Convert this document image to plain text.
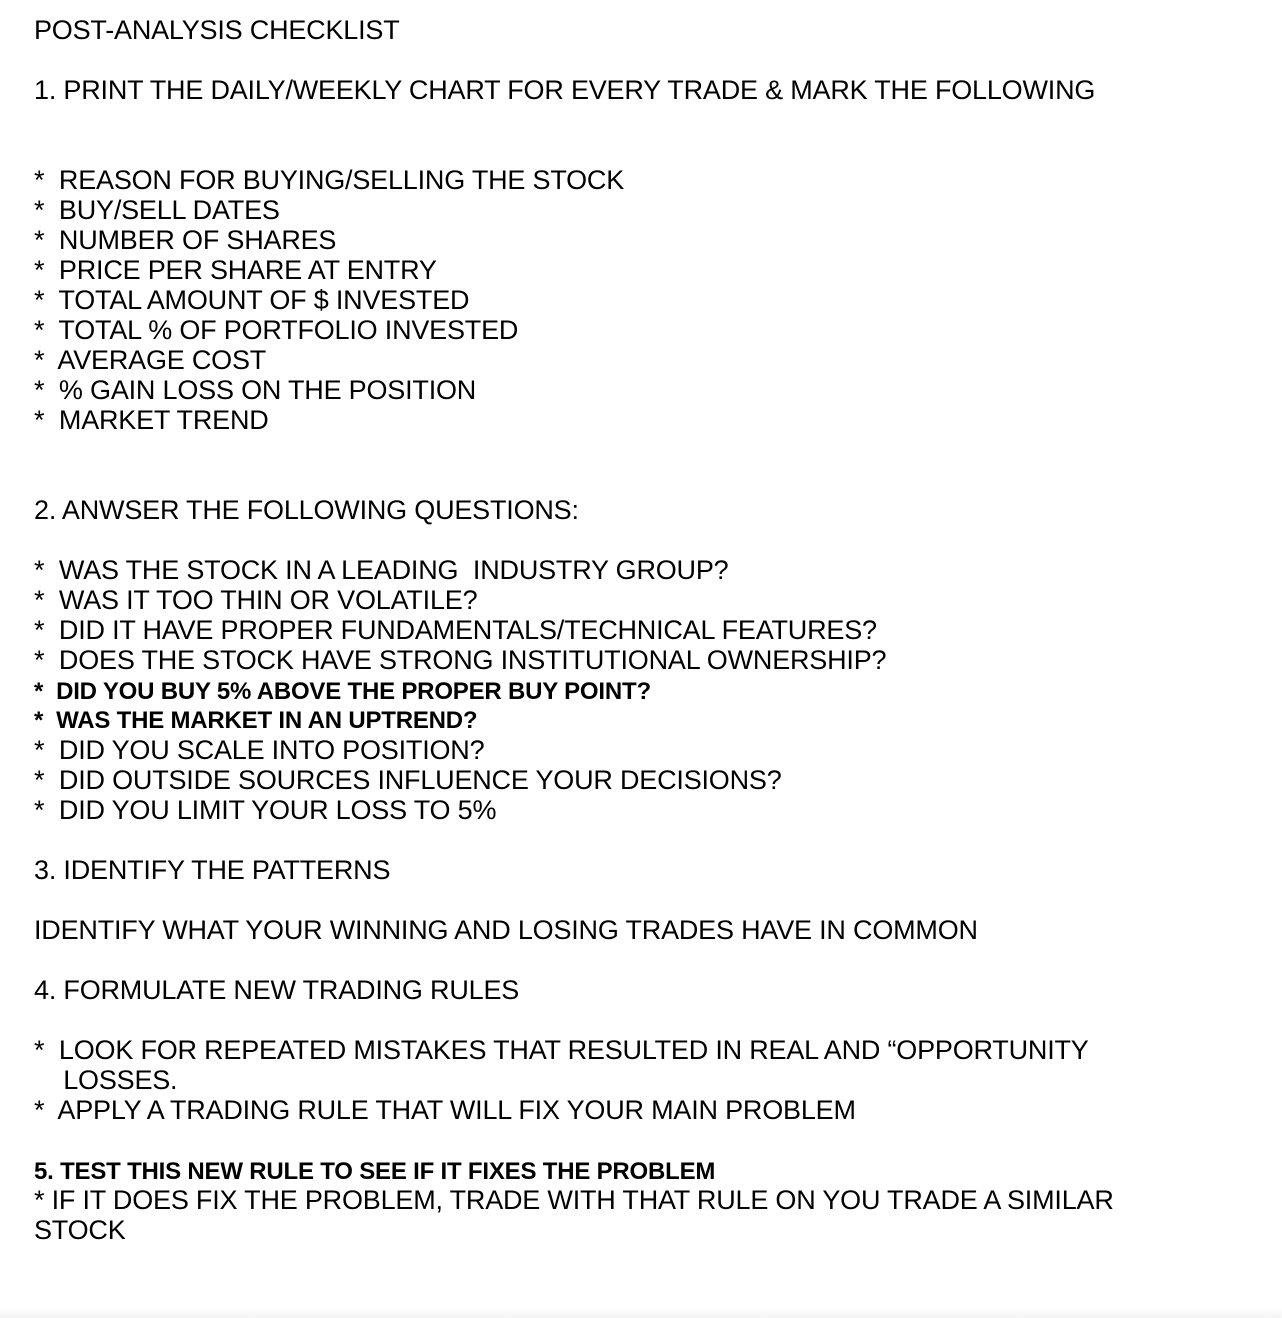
POST-ANALYSIS CHECKLIST
1. PRINT THE DAILY/WEEKLY CHART FOR EVERY TRADE & MARK THE FOLLOWING
*  REASON FOR BUYING/SELLING THE STOCK
*  BUY/SELL DATES
*  NUMBER OF SHARES
*  PRICE PER SHARE AT ENTRY
*  TOTAL AMOUNT OF $ INVESTED
*  TOTAL % OF PORTFOLIO INVESTED
*  AVERAGE COST
*  % GAIN LOSS ON THE POSITION
*  MARKET TREND
2. ANWSER THE FOLLOWING QUESTIONS:
*  WAS THE STOCK IN A LEADING  INDUSTRY GROUP?
*  WAS IT TOO THIN OR VOLATILE?
*  DID IT HAVE PROPER FUNDAMENTALS/TECHNICAL FEATURES?
*  DOES THE STOCK HAVE STRONG INSTITUTIONAL OWNERSHIP?
*  DID YOU BUY 5% ABOVE THE PROPER BUY POINT?
*  WAS THE MARKET IN AN UPTREND?
*  DID YOU SCALE INTO POSITION?
*  DID OUTSIDE SOURCES INFLUENCE YOUR DECISIONS?
*  DID YOU LIMIT YOUR LOSS TO 5%
3. IDENTIFY THE PATTERNS
IDENTIFY WHAT YOUR WINNING AND LOSING TRADES HAVE IN COMMON
4. FORMULATE NEW TRADING RULES
*  LOOK FOR REPEATED MISTAKES THAT RESULTED IN REAL AND “OPPORTUNITY
LOSSES.
*  APPLY A TRADING RULE THAT WILL FIX YOUR MAIN PROBLEM
5. TEST THIS NEW RULE TO SEE IF IT FIXES THE PROBLEM
* IF IT DOES FIX THE PROBLEM, TRADE WITH THAT RULE ON YOU TRADE A SIMILAR
STOCK
